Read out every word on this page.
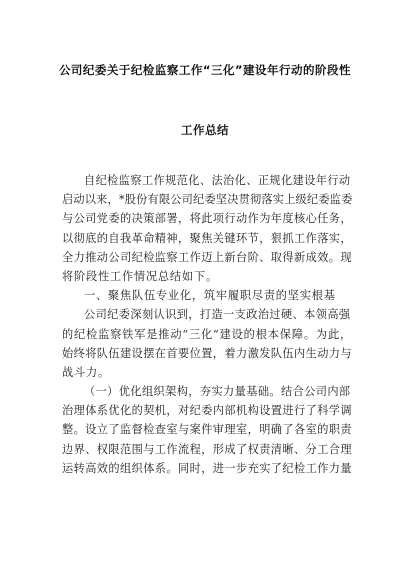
公司纪委关于纪检监察工作“三化”建设年行动的阶段性
工作总结
自纪检监察工作规范化、法治化、正规化建设年行动
启动以来，*股份有限公司纪委坚决贯彻落实上级纪委监委
与公司党委的决策部署，将此项行动作为年度核心任务，
以彻底的自我革命精神，聚焦关键环节，狠抓工作落实，
全力推动公司纪检监察工作迈上新台阶、取得新成效。现
将阶段性工作情况总结如下。
一、聚焦队伍专业化，筑牢履职尽责的坚实根基
公司纪委深刻认识到，打造一支政治过硬、本领高强
的纪检监察铁军是推动“三化”建设的根本保障。为此，
始终将队伍建设摆在首要位置，着力激发队伍内生动力与
战斗力。
（一）优化组织架构，夯实力量基础。结合公司内部
治理体系优化的契机，对纪委内部机构设置进行了科学调
整。设立了监督检查室与案件审理室，明确了各室的职责
边界、权限范围与工作流程，形成了权责清晰、分工合理
运转高效的组织体系。同时，进一步充实了纪检工作力量
